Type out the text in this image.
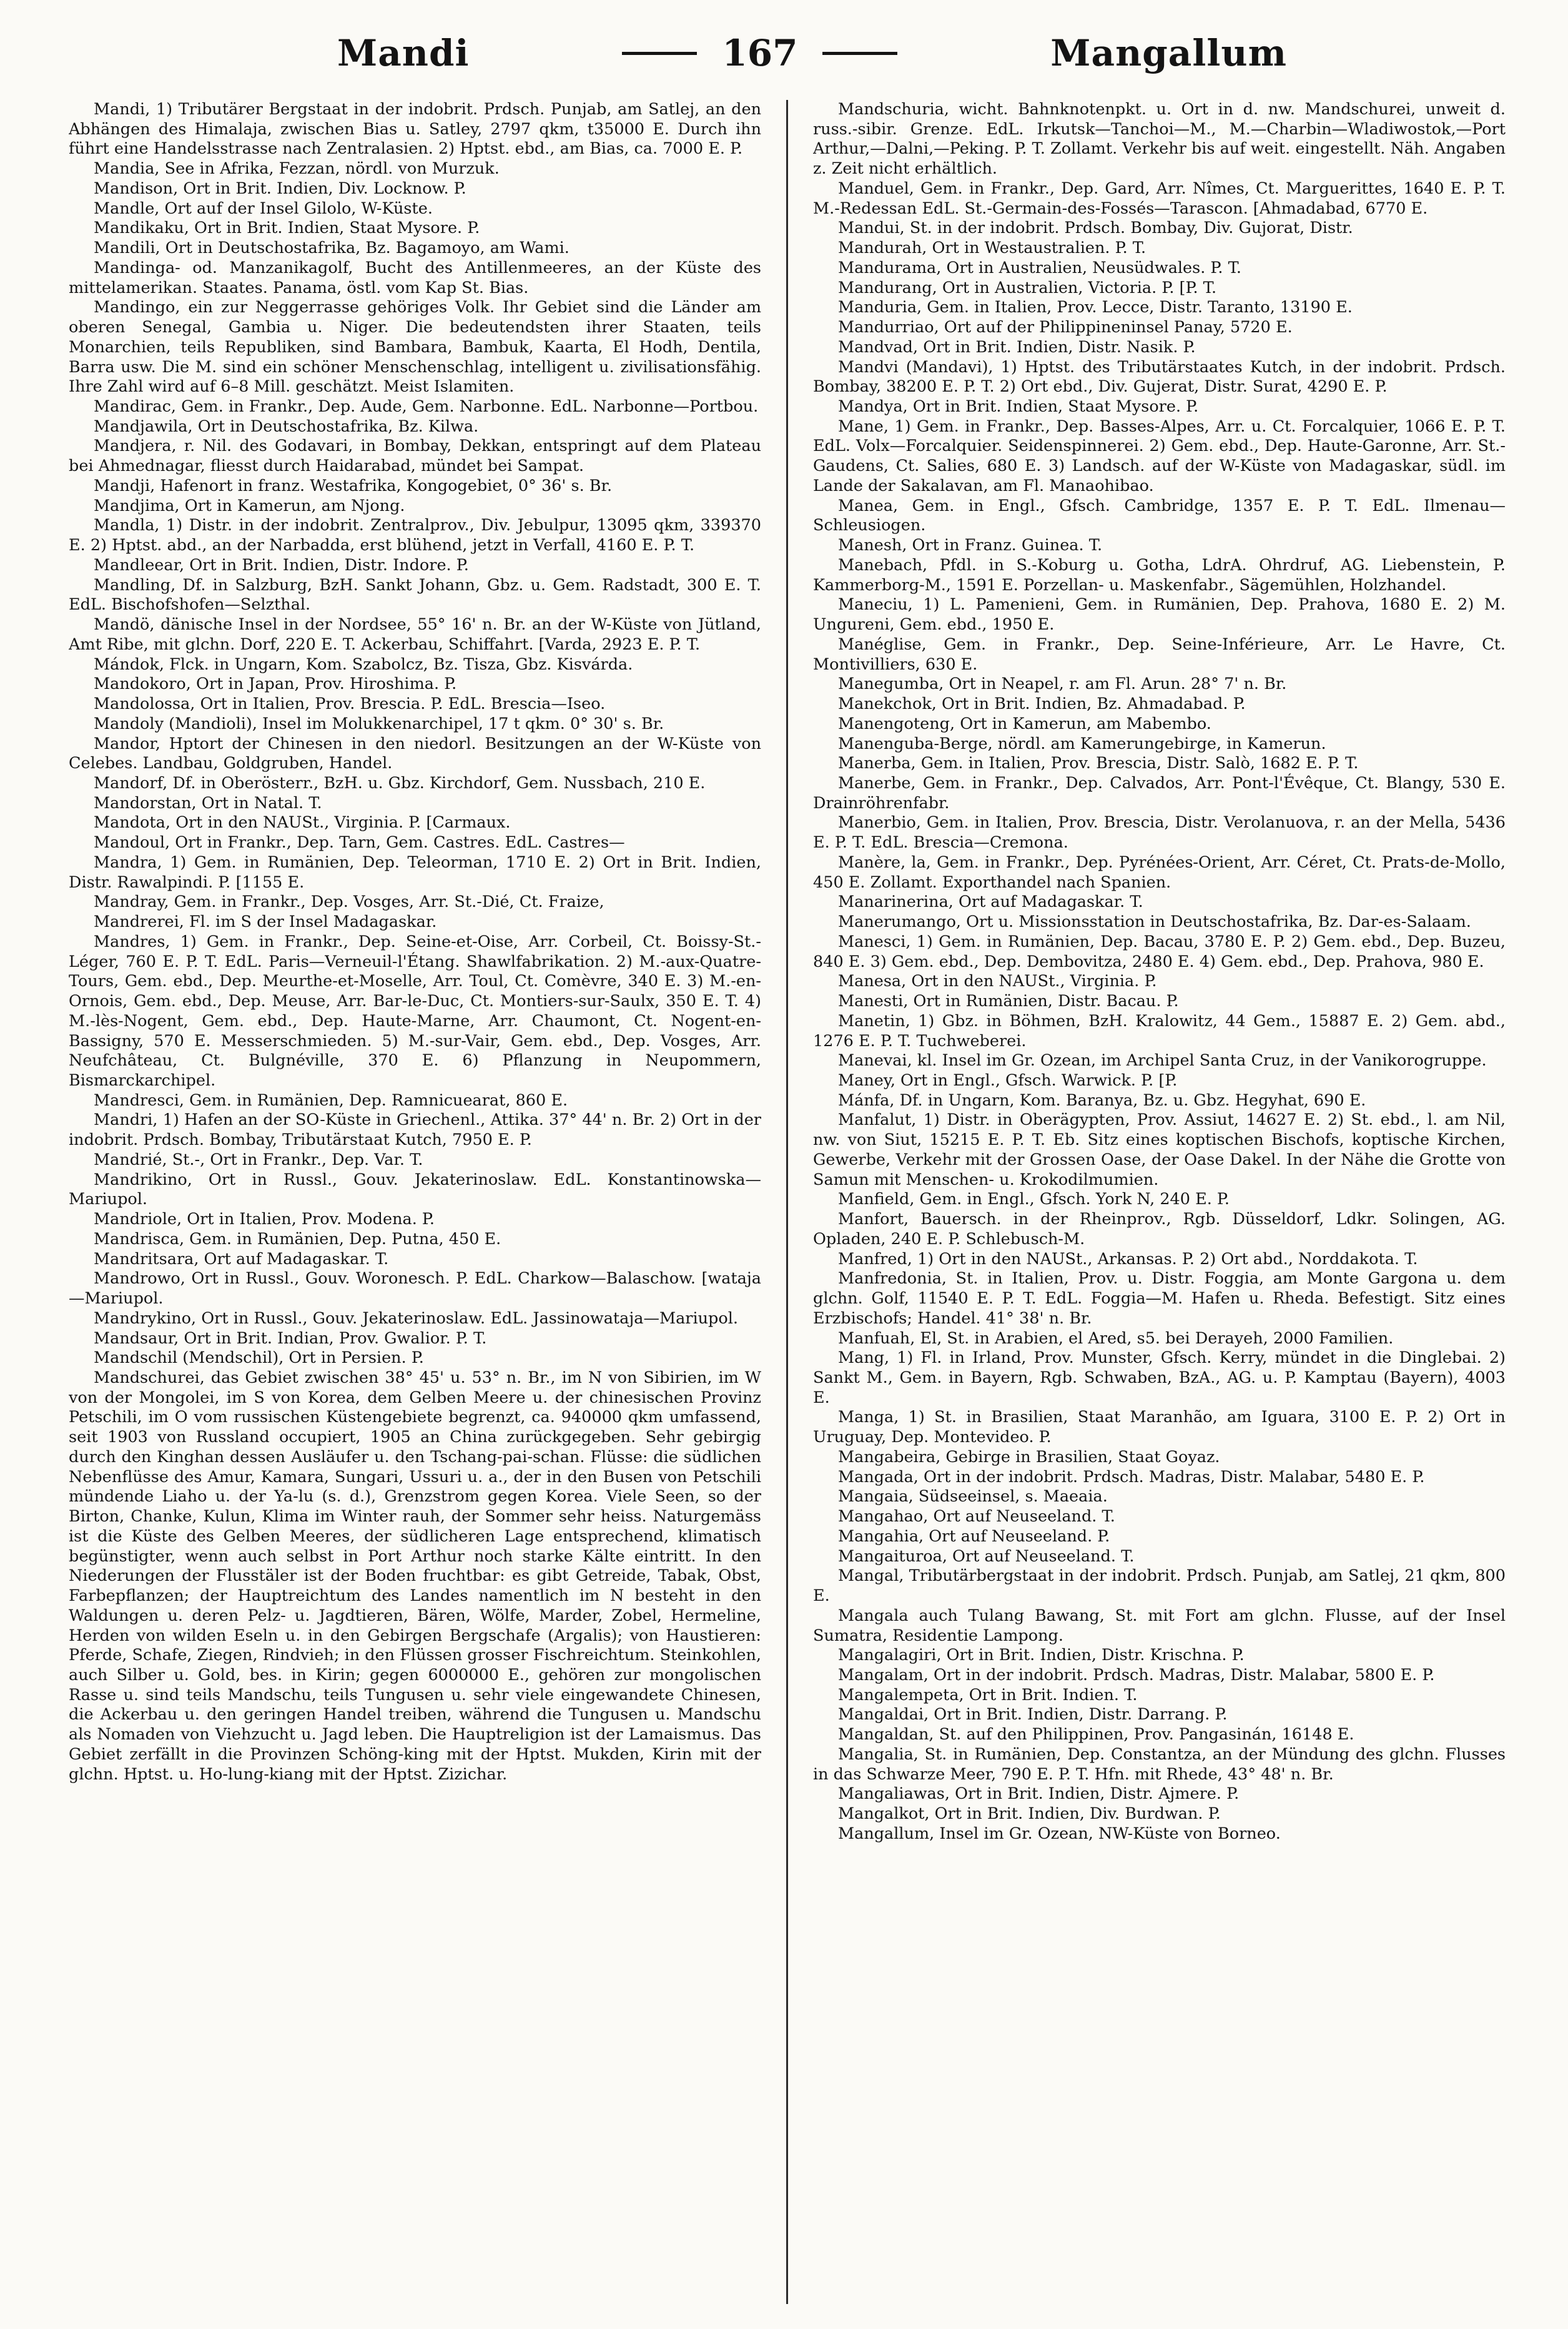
Mandi	167	Mangallum

Mandi, 1) Tributärer Bergstaat in der indobrit. Prdsch. Punjab, am Satlej, an den Abhängen des Himalaja, zwischen Bias u. Satley, 2797 qkm, t35000 E. Durch ihn führt eine Handelsstrasse nach Zentralasien. 2) Hptst. ebd., am Bias, ca. 7000 E. P.

Mandia, See in Afrika, Fezzan, nördl. von Murzuk.

Mandison, Ort in Brit. Indien, Div. Locknow. P.

Mandle, Ort auf der Insel Gilolo, W-Küste.

Mandikaku, Ort in Brit. Indien, Staat Mysore. P.

Mandili, Ort in Deutschostafrika, Bz. Bagamoyo, am Wami.

Mandinga- od. Manzanikagolf, Bucht des Antillenmeeres, an der Küste des mittelamerikan. Staates. Panama, östl. vom Kap St. Bias.

Mandingo, ein zur Neggerrasse gehöriges Volk. Ihr Gebiet sind die Länder am oberen Senegal, Gambia u. Niger. Die bedeutendsten ihrer Staaten, teils Monarchien, teils Republiken, sind Bambara, Bambuk, Kaarta, El Hodh, Dentila, Barra usw. Die M. sind ein schöner Menschenschlag, intelligent u. zivilisationsfähig. Ihre Zahl wird auf 6–8 Mill. geschätzt. Meist Islamiten.

Mandirac, Gem. in Frankr., Dep. Aude, Gem. Narbonne. EdL. Narbonne—Portbou.

Mandjawila, Ort in Deutschostafrika, Bz. Kilwa.

Mandjera, r. Nil. des Godavari, in Bombay, Dekkan, entspringt auf dem Plateau bei Ahmednagar, fliesst durch Haidarabad, mündet bei Sampat.

Mandji, Hafenort in franz. Westafrika, Kongogebiet, 0° 36' s. Br.

Mandjima, Ort in Kamerun, am Njong.

Mandla, 1) Distr. in der indobrit. Zentralprov., Div. Jebulpur, 13095 qkm, 339370 E. 2) Hptst. abd., an der Narbadda, erst blühend, jetzt in Verfall, 4160 E. P. T.

Mandleear, Ort in Brit. Indien, Distr. Indore. P.

Mandling, Df. in Salzburg, BzH. Sankt Johann, Gbz. u. Gem. Radstadt, 300 E. T. EdL. Bischofshofen—Selzthal.

Mandö, dänische Insel in der Nordsee, 55° 16' n. Br. an der W-Küste von Jütland, Amt Ribe, mit glchn. Dorf, 220 E. T. Ackerbau, Schiffahrt. [Varda, 2923 E. P. T.

Mándok, Flck. in Ungarn, Kom. Szabolcz, Bz. Tisza, Gbz. Kisvárda.

Mandokoro, Ort in Japan, Prov. Hiroshima. P.

Mandolossa, Ort in Italien, Prov. Brescia. P. EdL. Brescia—Iseo.

Mandoly (Mandioli), Insel im Molukkenarchipel, 17 t qkm. 0° 30' s. Br.

Mandor, Hptort der Chinesen in den niedorl. Besitzungen an der W-Küste von Celebes. Landbau, Goldgruben, Handel.

Mandorf, Df. in Oberösterr., BzH. u. Gbz. Kirchdorf, Gem. Nussbach, 210 E.

Mandorstan, Ort in Natal. T.

Mandota, Ort in den NAUSt., Virginia. P. [Carmaux.

Mandoul, Ort in Frankr., Dep. Tarn, Gem. Castres. EdL. Castres—

Mandra, 1) Gem. in Rumänien, Dep. Teleorman, 1710 E. 2) Ort in Brit. Indien, Distr. Rawalpindi. P. [1155 E.

Mandray, Gem. in Frankr., Dep. Vosges, Arr. St.-Dié, Ct. Fraize,

Mandrerei, Fl. im S der Insel Madagaskar.

Mandres, 1) Gem. in Frankr., Dep. Seine-et-Oise, Arr. Corbeil, Ct. Boissy-St.-Léger, 760 E. P. T. EdL. Paris—Verneuil-l'Étang. Shawlfabrikation. 2) M.-aux-Quatre-Tours, Gem. ebd., Dep. Meurthe-et-Moselle, Arr. Toul, Ct. Comèvre, 340 E. 3) M.-en-Ornois, Gem. ebd., Dep. Meuse, Arr. Bar-le-Duc, Ct. Montiers-sur-Saulx, 350 E. T. 4) M.-lès-Nogent, Gem. ebd., Dep. Haute-Marne, Arr. Chaumont, Ct. Nogent-en-Bassigny, 570 E. Messerschmieden. 5) M.-sur-Vair, Gem. ebd., Dep. Vosges, Arr. Neufchâteau, Ct. Bulgnéville, 370 E. 6) Pflanzung in Neupommern, Bismarckarchipel.

Mandresci, Gem. in Rumänien, Dep. Ramnicuearat, 860 E.

Mandri, 1) Hafen an der SO-Küste in Griechenl., Attika. 37° 44' n. Br. 2) Ort in der indobrit. Prdsch. Bombay, Tributärstaat Kutch, 7950 E. P.

Mandrié, St.-, Ort in Frankr., Dep. Var. T.

Mandrikino, Ort in Russl., Gouv. Jekaterinoslaw. EdL. Konstantinowska—Mariupol.

Mandriole, Ort in Italien, Prov. Modena. P.

Mandrisca, Gem. in Rumänien, Dep. Putna, 450 E.

Mandritsara, Ort auf Madagaskar. T.

Mandrowo, Ort in Russl., Gouv. Woronesch. P. EdL. Charkow—Balaschow. [watajа—Mariupol.

Mandrykino, Ort in Russl., Gouv. Jekaterinoslaw. EdL. Jassinowatajа—Mariupol.

Mandsaur, Ort in Brit. Indian, Prov. Gwalior. P. T.

Mandschil (Mendschil), Ort in Persien. P.

Mandschurei, das Gebiet zwischen 38° 45' u. 53° n. Br., im N von Sibirien, im W von der Mongolei, im S von Korea, dem Gelben Meere u. der chinesischen Provinz Petschili, im O vom russischen Küstengebiete begrenzt, ca. 940000 qkm umfassend, seit 1903 von Russland occupiert, 1905 an China zurückgegeben. Sehr gebirgig durch den Kinghan dessen Ausläufer u. den Tschang-pai-schan. Flüsse: die südlichen Nebenflüsse des Amur, Kamara, Sungari, Ussuri u. a., der in den Busen von Petschili mündende Liaho u. der Ya-lu (s. d.), Grenzstrom gegen Korea. Viele Seen, so der Birton, Chanke, Kulun, Klima im Winter rauh, der Sommer sehr heiss. Naturgemäss ist die Küste des Gelben Meeres, der südlicheren Lage entsprechend, klimatisch begünstigter, wenn auch selbst in Port Arthur noch starke Kälte eintritt. In den Niederungen der Flusstäler ist der Boden fruchtbar: es gibt Getreide, Tabak, Obst, Farbepflanzen; der Hauptreichtum des Landes namentlich im N besteht in den Waldungen u. deren Pelz- u. Jagdtieren, Bären, Wölfe, Marder, Zobel, Hermeline, Herden von wilden Eseln u. in den Gebirgen Bergschafe (Argalis); von Haustieren: Pferde, Schafe, Ziegen, Rindvieh; in den Flüssen grosser Fischreichtum. Steinkohlen, auch Silber u. Gold, bes. in Kirin; gegen 6000000 E., gehören zur mongolischen Rasse u. sind teils Mandschu, teils Tungusen u. sehr viele eingewandete Chinesen, die Ackerbau u. den geringen Handel treiben, während die Tungusen u. Mandschu als Nomaden von Viehzucht u. Jagd leben. Die Hauptreligion ist der Lamaismus. Das Gebiet zerfällt in die Provinzen Schöng-king mit der Hptst. Mukden, Kirin mit der glchn. Hptst. u. Ho-lung-kiang mit der Hptst. Zizichar.

Mandschuria, wicht. Bahnknotenpkt. u. Ort in d. nw. Mandschurei, unweit d. russ.-sibir. Grenze. EdL. Irkutsk—Tanchoi—M., M.—Charbin—Wladiwostok,—Port Arthur,—Dalni,—Peking. P. T. Zollamt. Verkehr bis auf weit. eingestellt. Näh. Angaben z. Zeit nicht erhältlich.

Manduel, Gem. in Frankr., Dep. Gard, Arr. Nîmes, Ct. Marguerittes, 1640 E. P. T. M.-Redessan EdL. St.-Germain-des-Fossés—Tarascon. [Ahmadabad, 6770 E.

Mandui, St. in der indobrit. Prdsch. Bombay, Div. Gujorat, Distr.

Mandurah, Ort in Westaustralien. P. T.

Mandurama, Ort in Australien, Neusüdwales. P. T.

Mandurang, Ort in Australien, Victoria. P. [P. T.

Manduria, Gem. in Italien, Prov. Lecce, Distr. Taranto, 13190 E.

Mandurriao, Ort auf der Philippineninsel Panay, 5720 E.

Mandvad, Ort in Brit. Indien, Distr. Nasik. P.

Mandvi (Mandavi), 1) Hptst. des Tributärstaates Kutch, in der indobrit. Prdsch. Bombay, 38200 E. P. T. 2) Ort ebd., Div. Gujerat, Distr. Surat, 4290 E. P.

Mandya, Ort in Brit. Indien, Staat Mysore. P.

Mane, 1) Gem. in Frankr., Dep. Basses-Alpes, Arr. u. Ct. Forcalquier, 1066 E. P. T. EdL. Volx—Forcalquier. Seidenspinnerei. 2) Gem. ebd., Dep. Haute-Garonne, Arr. St.-Gaudens, Ct. Salies, 680 E. 3) Landsch. auf der W-Küste von Madagaskar, südl. im Lande der Sakalavan, am Fl. Manaohibao.

Manea, Gem. in Engl., Gfsch. Cambridge, 1357 E. P. T. EdL. Ilmenau—Schleusiogen.

Manesh, Ort in Franz. Guinea. T.

Manebach, Pfdl. in S.-Koburg u. Gotha, LdrA. Ohrdruf, AG. Liebenstein, P. Kammerborg-M., 1591 E. Porzellan- u. Maskenfabr., Sägemühlen, Holzhandel.

Maneciu, 1) L. Pamenieni, Gem. in Rumänien, Dep. Prahova, 1680 E. 2) M. Ungureni, Gem. ebd., 1950 E.

Manéglise, Gem. in Frankr., Dep. Seine-Inférieure, Arr. Le Havre, Ct. Montivilliers, 630 E.

Manegumba, Ort in Neapel, r. am Fl. Arun. 28° 7' n. Br.

Manekchok, Ort in Brit. Indien, Bz. Ahmadabad. P.

Manengoteng, Ort in Kamerun, am Mabembo.

Manenguba-Berge, nördl. am Kamerungebirge, in Kamerun.

Manerba, Gem. in Italien, Prov. Brescia, Distr. Salò, 1682 E. P. T.

Manerbe, Gem. in Frankr., Dep. Calvados, Arr. Pont-l'Évêque, Ct. Blangy, 530 E. Drainröhrenfabr.

Manerbio, Gem. in Italien, Prov. Brescia, Distr. Verolanuova, r. an der Mella, 5436 E. P. T. EdL. Brescia—Cremona.

Manère, la, Gem. in Frankr., Dep. Pyrénées-Orient, Arr. Céret, Ct. Prats-de-Mollo, 450 E. Zollamt. Exporthandel nach Spanien.

Manarinerina, Ort auf Madagaskar. T.

Manerumango, Ort u. Missionsstation in Deutschostafrika, Bz. Dar-es-Salaam.

Manesci, 1) Gem. in Rumänien, Dep. Bacau, 3780 E. P. 2) Gem. ebd., Dep. Buzeu, 840 E. 3) Gem. ebd., Dep. Dembovitza, 2480 E. 4) Gem. ebd., Dep. Prahova, 980 E.

Manesa, Ort in den NAUSt., Virginia. P.

Manesti, Ort in Rumänien, Distr. Bacau. P.

Manetin, 1) Gbz. in Böhmen, BzH. Kralowitz, 44 Gem., 15887 E. 2) Gem. abd., 1276 E. P. T. Tuchweberei.

Manevai, kl. Insel im Gr. Ozean, im Archipel Santa Cruz, in der Vanikorogruppe.

Maney, Ort in Engl., Gfsch. Warwick. P. [P.

Mánfa, Df. in Ungarn, Kom. Baranya, Bz. u. Gbz. Hegyhat, 690 E.

Manfalut, 1) Distr. in Oberägypten, Prov. Assiut, 14627 E. 2) St. ebd., l. am Nil, nw. von Siut, 15215 E. P. T. Eb. Sitz eines koptischen Bischofs, koptische Kirchen, Gewerbe, Verkehr mit der Grossen Oase, der Oase Dakel. In der Nähe die Grotte von Samun mit Menschen- u. Krokodilmumien.

Manfield, Gem. in Engl., Gfsch. York N, 240 E. P.

Manfort, Bauersch. in der Rheinprov., Rgb. Düsseldorf, Ldkr. Solingen, AG. Opladen, 240 E. P. Schlebusch-M.

Manfred, 1) Ort in den NAUSt., Arkansas. P. 2) Ort abd., Norddakota. T.

Manfredonia, St. in Italien, Prov. u. Distr. Foggia, am Monte Gargona u. dem glchn. Golf, 11540 E. P. T. EdL. Foggia—M. Hafen u. Rheda. Befestigt. Sitz eines Erzbischofs; Handel. 41° 38' n. Br.

Manfuah, El, St. in Arabien, el Ared, s5. bei Derayeh, 2000 Familien.

Mang, 1) Fl. in Irland, Prov. Munster, Gfsch. Kerry, mündet in die Dinglebai. 2) Sankt M., Gem. in Bayern, Rgb. Schwaben, BzA., AG. u. P. Kamptau (Bayern), 4003 E.

Manga, 1) St. in Brasilien, Staat Maranhão, am Iguara, 3100 E. P. 2) Ort in Uruguay, Dep. Montevideo. P.

Mangabeira, Gebirge in Brasilien, Staat Goyaz.

Mangada, Ort in der indobrit. Prdsch. Madras, Distr. Malabar, 5480 E. P.

Mangaia, Südseeinsel, s. Maeaia.

Mangahao, Ort auf Neuseeland. T.

Mangahia, Ort auf Neuseeland. P.

Mangaituroa, Ort auf Neuseeland. T.

Mangal, Tributärbergstaat in der indobrit. Prdsch. Punjab, am Satlej, 21 qkm, 800 E.

Mangala auch Tulang Bawang, St. mit Fort am glchn. Flusse, auf der Insel Sumatra, Residentie Lampong.

Mangalagiri, Ort in Brit. Indien, Distr. Krischna. P.

Mangalam, Ort in der indobrit. Prdsch. Madras, Distr. Malabar, 5800 E. P.

Mangalempeta, Ort in Brit. Indien. T.

Mangaldai, Ort in Brit. Indien, Distr. Darrang. P.

Mangaldan, St. auf den Philippinen, Prov. Pangasinán, 16148 E.

Mangalia, St. in Rumänien, Dep. Constantza, an der Mündung des glchn. Flusses in das Schwarze Meer, 790 E. P. T. Hfn. mit Rhede, 43° 48' n. Br.

Mangaliawas, Ort in Brit. Indien, Distr. Ajmere. P.

Mangalkot, Ort in Brit. Indien, Div. Burdwan. P.

Mangallum, Insel im Gr. Ozean, NW-Küste von Borneo.
